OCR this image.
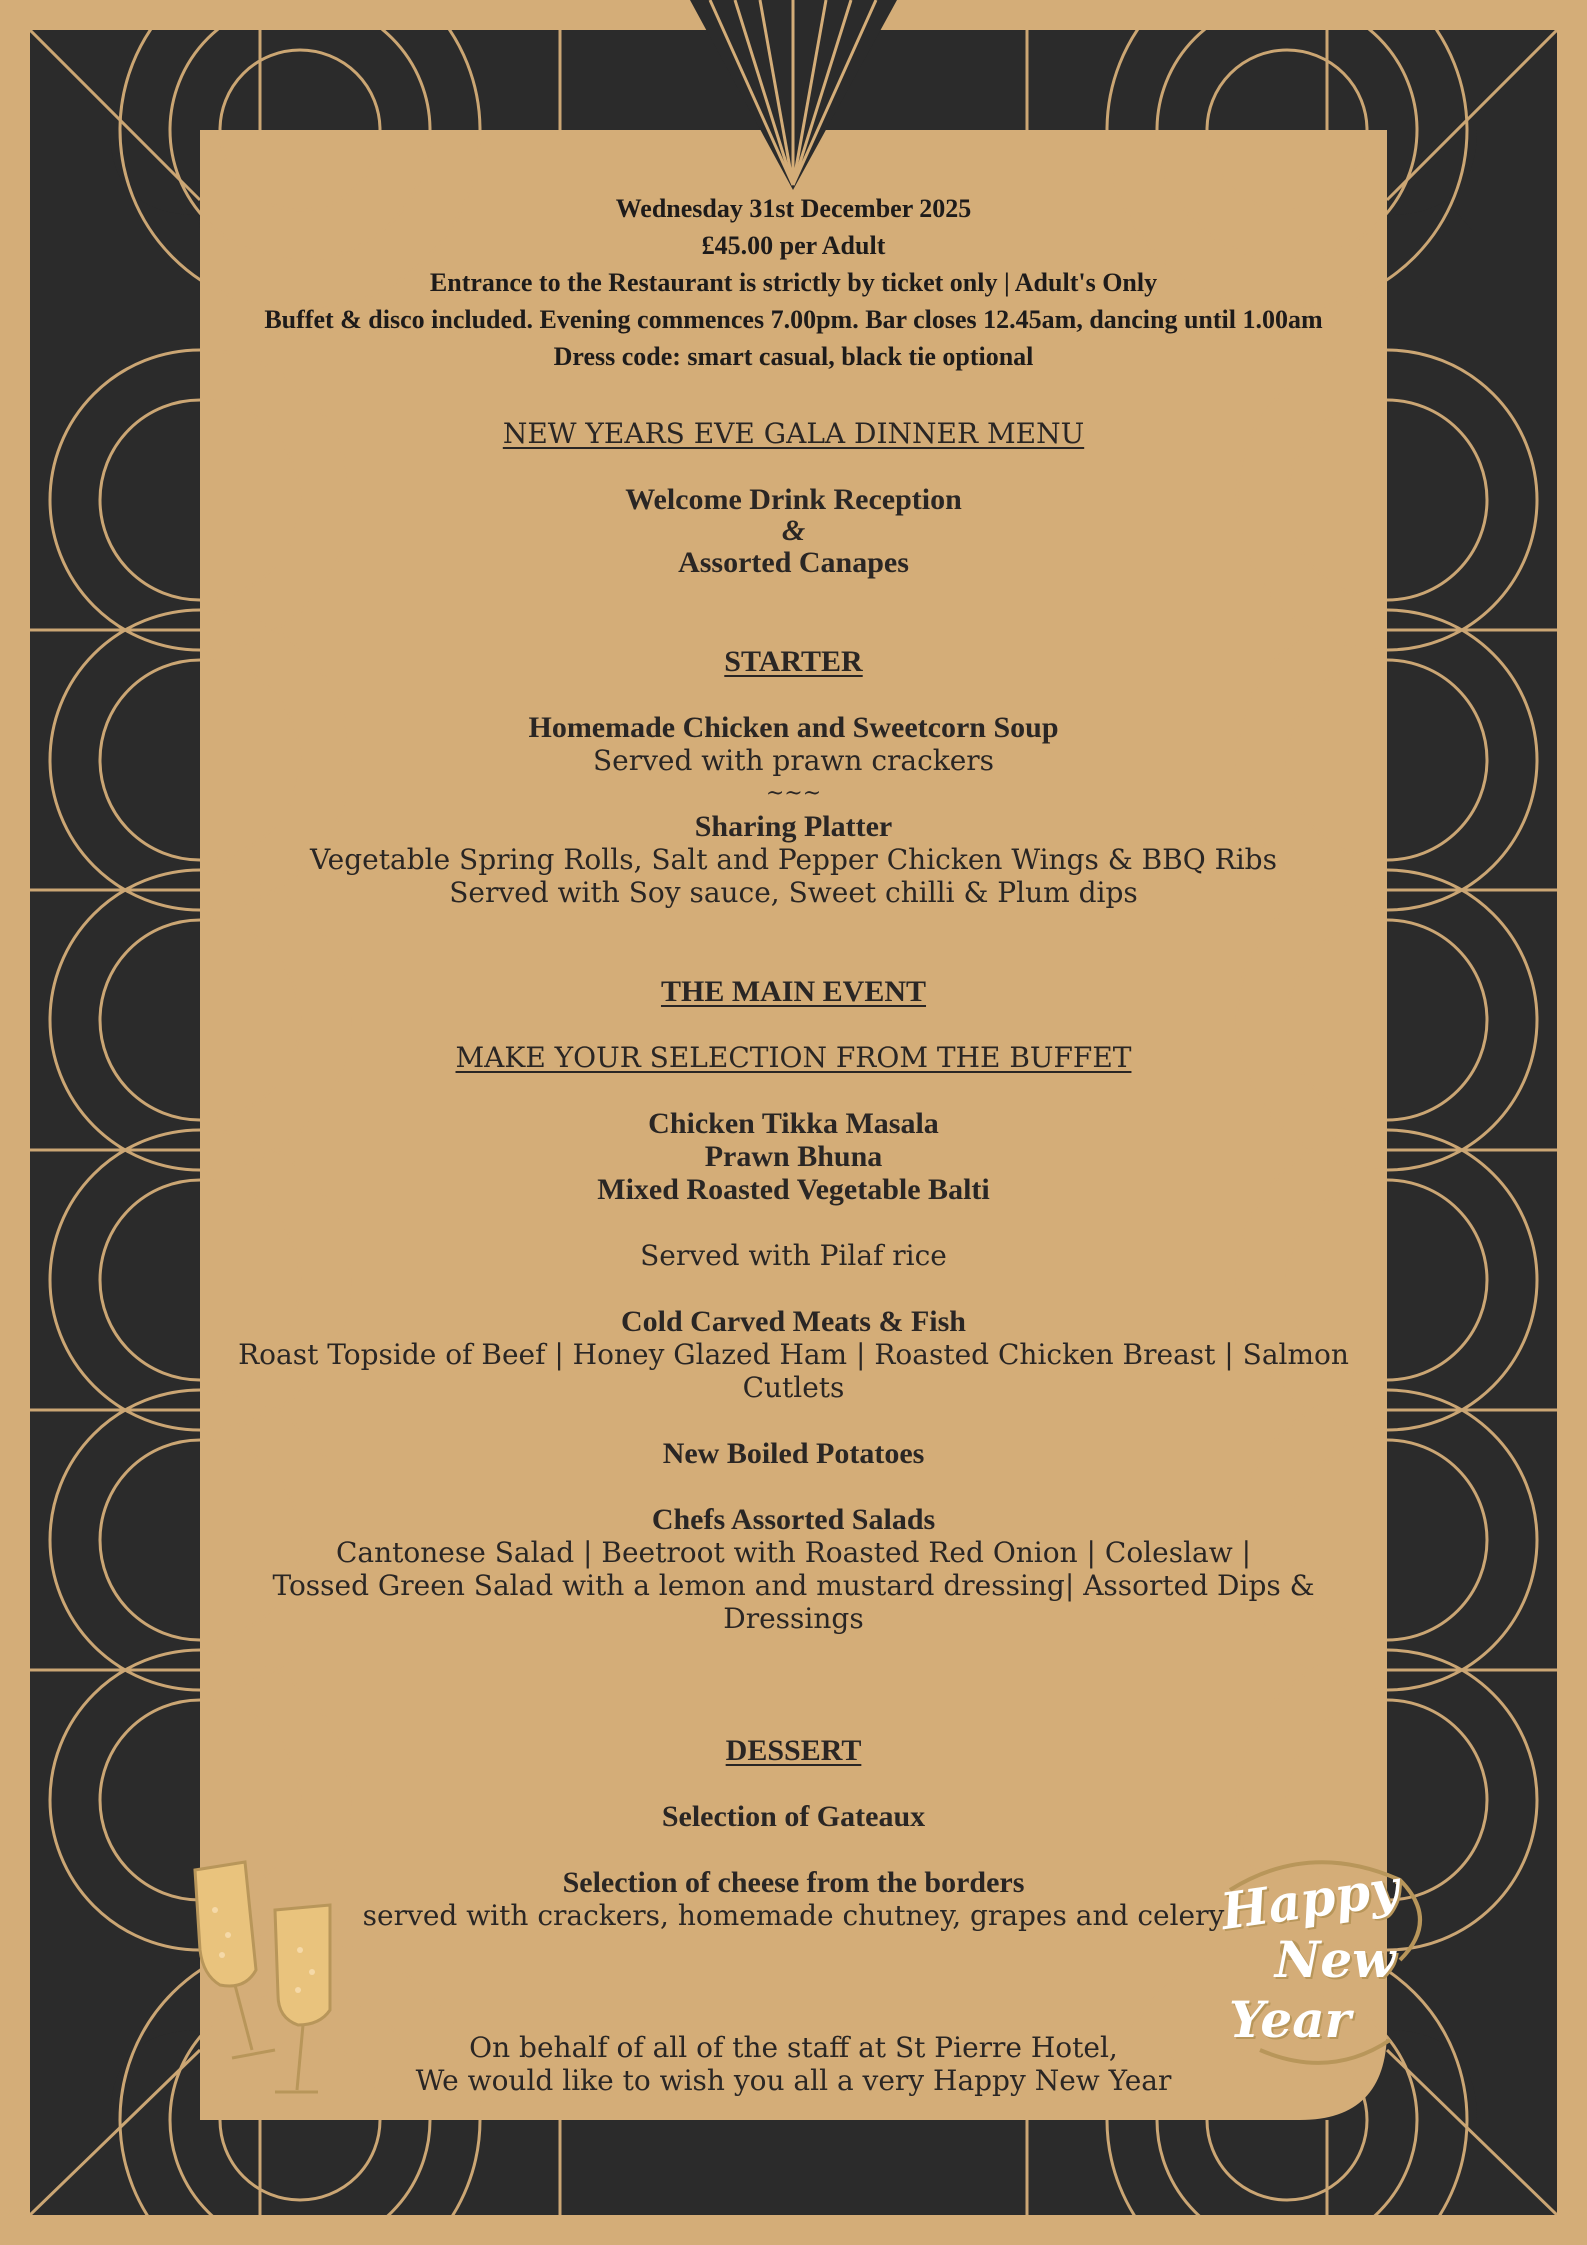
Wednesday 31st December 2025
£45.00 per Adult
Entrance to the Restaurant is strictly by ticket only | Adult's Only
Buffet & disco included. Evening commences 7.00pm. Bar closes 12.45am, dancing until 1.00am
Dress code: smart casual, black tie optional
NEW YEARS EVE GALA DINNER MENU
Welcome Drink Reception
&
Assorted Canapes
STARTER
Homemade Chicken and Sweetcorn Soup
Served with prawn crackers
~~~
Sharing Platter
Vegetable Spring Rolls, Salt and Pepper Chicken Wings & BBQ Ribs
Served with Soy sauce, Sweet chilli & Plum dips
THE MAIN EVENT
MAKE YOUR SELECTION FROM THE BUFFET
Chicken Tikka Masala
Prawn Bhuna
Mixed Roasted Vegetable Balti
Served with Pilaf rice
Cold Carved Meats & Fish
Roast Topside of Beef | Honey Glazed Ham | Roasted Chicken Breast | Salmon Cutlets
New Boiled Potatoes
Chefs Assorted Salads
Cantonese Salad | Beetroot with Roasted Red Onion | Coleslaw |
Tossed Green Salad with a lemon and mustard dressing| Assorted Dips & Dressings
DESSERT
Selection of Gateaux
Selection of cheese from the borders
served with crackers, homemade chutney, grapes and celery
On behalf of all of the staff at St Pierre Hotel,
We would like to wish you all a very Happy New Year
Happy
New
Year
